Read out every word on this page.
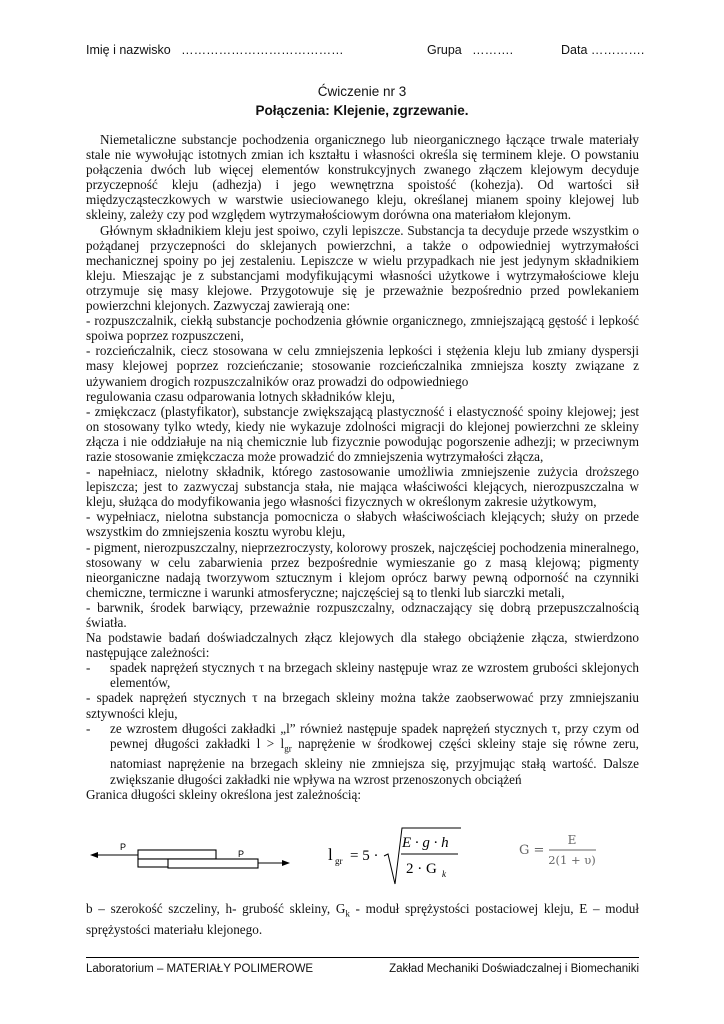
Imię i nazwisko …………………………………	Grupa ……….	Data ………….
Ćwiczenie nr 3
Połączenia: Klejenie, zgrzewanie.

Niemetaliczne substancje pochodzenia organicznego lub nieorganicznego łączące trwale materiały stale nie wywołując istotnych zmian ich kształtu i własności określa się terminem kleje. O powstaniu połączenia dwóch lub więcej elementów konstrukcyjnych zwanego złączem klejowym decyduje przyczepność kleju (adhezja) i jego wewnętrzna spoistość (kohezja). Od wartości sił międzycząsteczkowych w warstwie usieciowanego kleju, określanej mianem spoiny klejowej lub skleiny, zależy czy pod względem wytrzymałościowym dorówna ona materiałom klejonym.

Głównym składnikiem kleju jest spoiwo, czyli lepiszcze. Substancja ta decyduje przede wszystkim o pożądanej przyczepności do sklejanych powierzchni, a także o odpowiedniej wytrzymałości mechanicznej spoiny po jej zestaleniu. Lepiszcze w wielu przypadkach nie jest jedynym składnikiem kleju. Mieszając je z substancjami modyfikującymi własności użytkowe i wytrzymałościowe kleju otrzymuje się masy klejowe. Przygotowuje się je przeważnie bezpośrednio przed powlekaniem powierzchni klejonych. Zazwyczaj zawierają one:

- rozpuszczalnik, ciekłą substancje pochodzenia głównie organicznego, zmniejszającą gęstość i lepkość spoiwa poprzez rozpuszczeni,

- rozcieńczalnik, ciecz stosowana w celu zmniejszenia lepkości i stężenia kleju lub zmiany dyspersji masy klejowej poprzez rozcieńczanie; stosowanie rozcieńczalnika zmniejsza koszty związane z używaniem drogich rozpuszczalników oraz prowadzi do odpowiedniego

regulowania czasu odparowania lotnych składników kleju,

- zmiękczacz (plastyfikator), substancje zwiększającą plastyczność i elastyczność spoiny klejowej; jest on stosowany tylko wtedy, kiedy nie wykazuje zdolności migracji do klejonej powierzchni ze skleiny złącza i nie oddziałuje na nią chemicznie lub fizycznie powodując pogorszenie adhezji; w przeciwnym razie stosowanie zmiękczacza może prowadzić do zmniejszenia wytrzymałości złącza,

- napełniacz, nielotny składnik, którego zastosowanie umożliwia zmniejszenie zużycia droższego lepiszcza; jest to zazwyczaj substancja stała, nie mająca właściwości klejących, nierozpuszczalna w kleju, służąca do modyfikowania jego własności fizycznych w określonym zakresie użytkowym,

- wypełniacz, nielotna substancja pomocnicza o słabych właściwościach klejących; służy on przede wszystkim do zmniejszenia kosztu wyrobu kleju,

- pigment, nierozpuszczalny, nieprzezroczysty, kolorowy proszek, najczęściej pochodzenia mineralnego, stosowany w celu zabarwienia przez bezpośrednie wymieszanie go z masą klejową; pigmenty nieorganiczne nadają tworzywom sztucznym i klejom oprócz barwy pewną odporność na czynniki chemiczne, termiczne i warunki atmosferyczne; najczęściej są to tlenki lub siarczki metali,

- barwnik, środek barwiący, przeważnie rozpuszczalny, odznaczający się dobrą przepuszczalnością światła.

Na podstawie badań doświadczalnych złącz klejowych dla stałego obciążenie złącza, stwierdzono następujące zależności:

-	spadek naprężeń stycznych τ na brzegach skleiny następuje wraz ze wzrostem grubości sklejonych elementów,

- spadek naprężeń stycznych τ na brzegach skleiny można także zaobserwować przy zmniejszaniu sztywności kleju,

-	ze wzrostem długości zakładki „l” również następuje spadek naprężeń stycznych τ, przy czym od pewnej długości zakładki $l > l_{gr}$ naprężenie w środkowej części skleiny staje się równe zeru, natomiast naprężenie na brzegach skleiny nie zmniejsza się, przyjmując stałą wartość. Dalsze zwiększanie długości zakładki nie wpływa na wzrost przenoszonych obciążeń

Granica długości skleiny określona jest zależnością:

P
P	l gr = 5 ·
E · g · h
2 · G k
G =
E
2(1 + υ)
b – szerokość szczeliny, h- grubość skleiny, $G_k$ - moduł sprężystości postaciowej kleju, E – moduł sprężystości materiału klejonego.
Laboratorium – MATERIAŁY POLIMEROWE	Zakład Mechaniki Doświadczalnej i Biomechaniki
